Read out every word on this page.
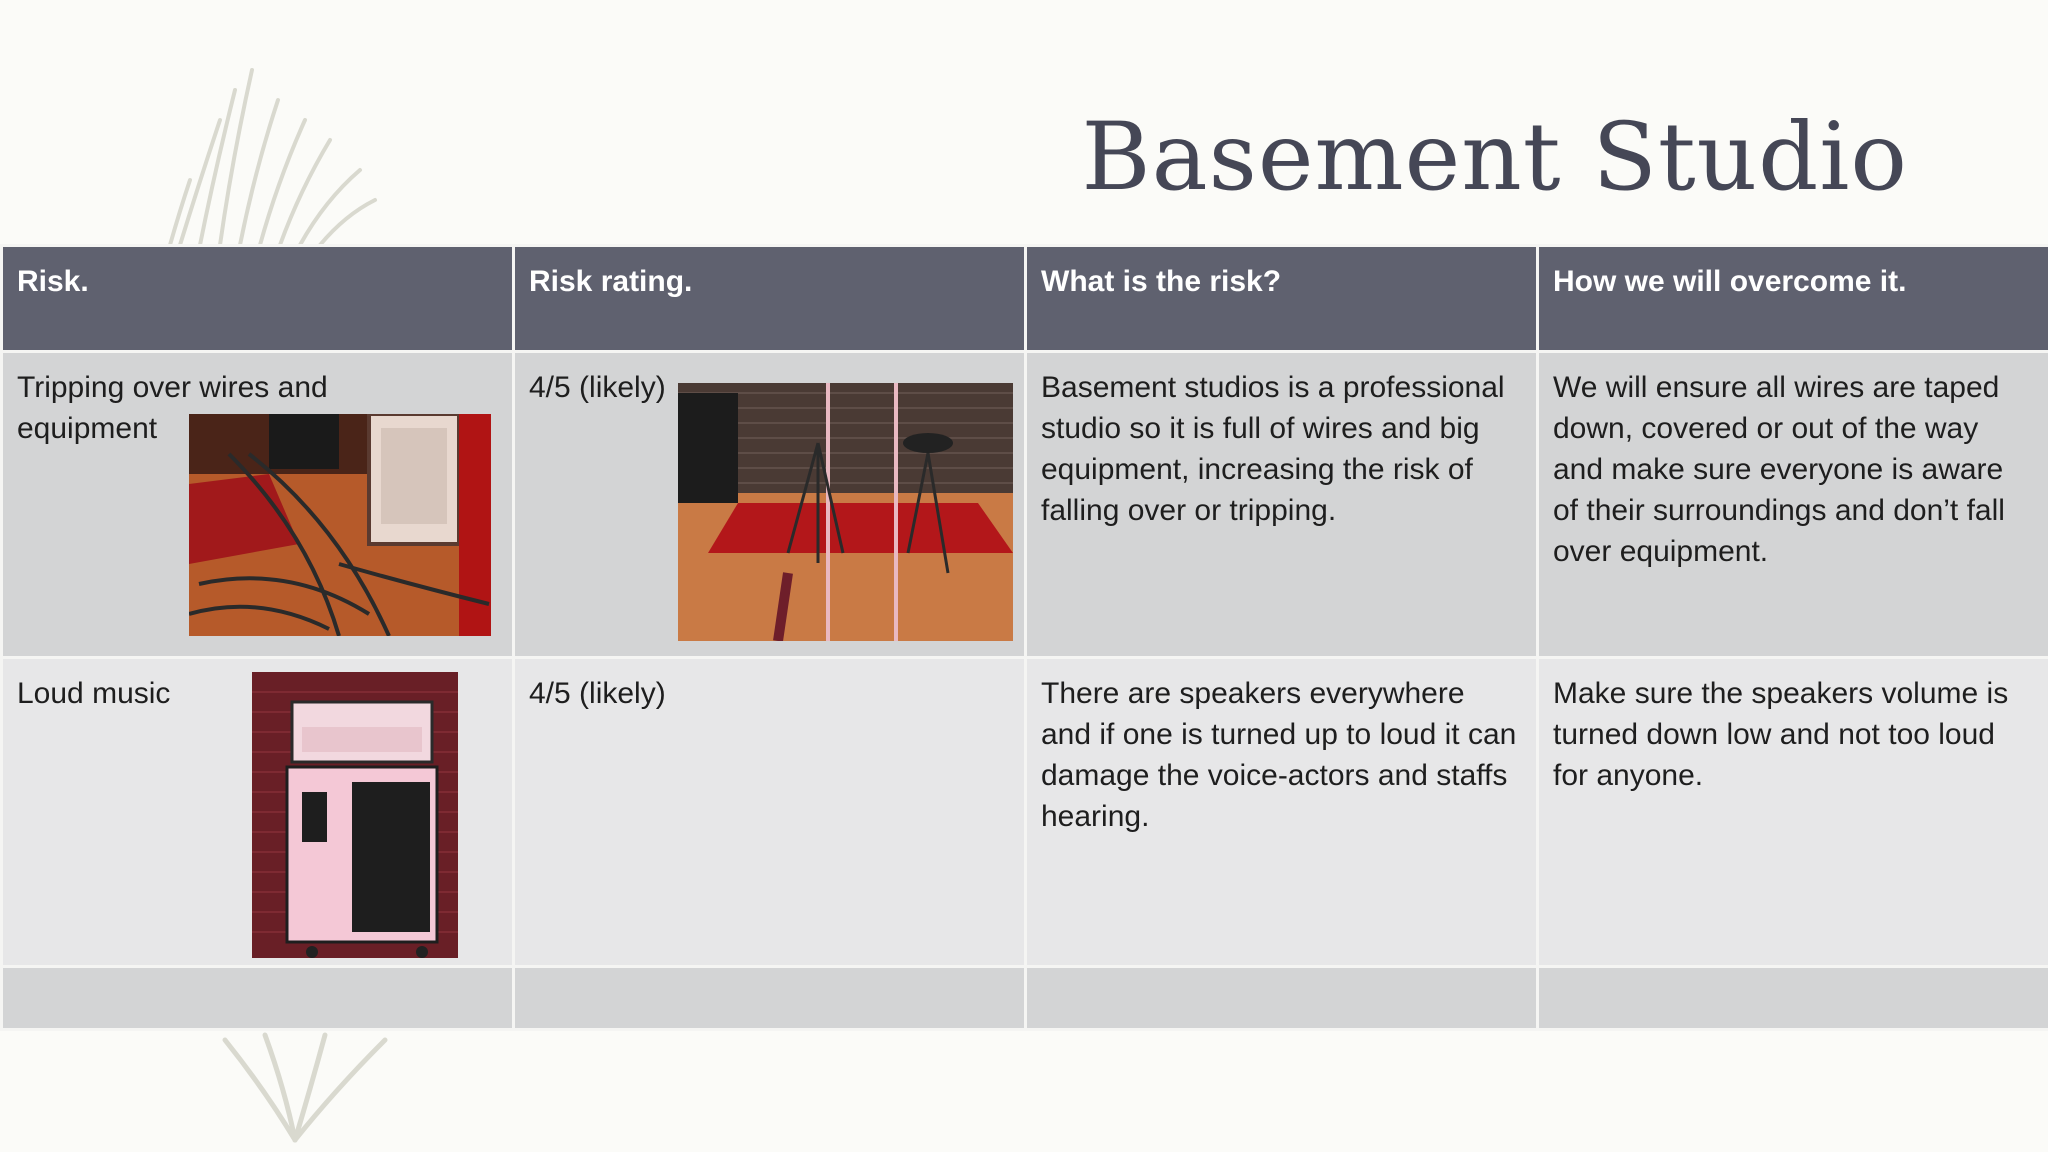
Basement Studio
Risk.	Risk rating.	What is the risk?	How we will overcome it.

Tripping over wires and equipment	4/5 (likely)	Basement studios is a professional studio so it is full of wires and big equipment, increasing the risk of falling over or tripping.	We will ensure all wires are taped down, covered or out of the way and make sure everyone is aware of their surroundings and don’t fall over equipment.

Loud music	4/5 (likely)	There are speakers everywhere and if one is turned up to loud it can damage the voice-actors and staffs hearing.	Make sure the speakers volume is turned down low and not too loud for anyone.
